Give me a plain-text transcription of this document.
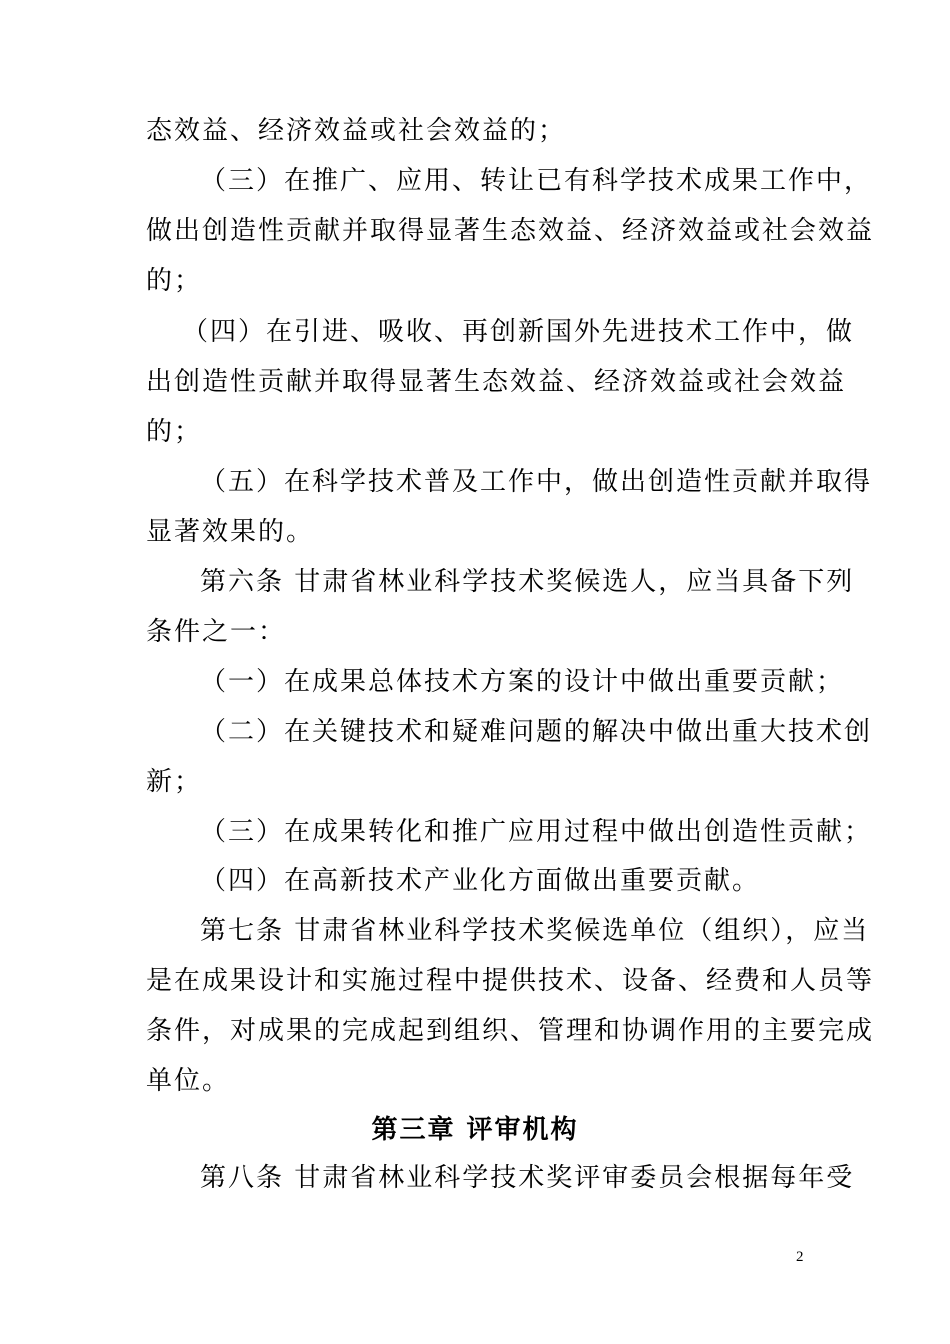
态效益、经济效益或社会效益的；
（三）在推广、应用、转让已有科学技术成果工作中，
做出创造性贡献并取得显著生态效益、经济效益或社会效益
的；
（四）在引进、吸收、再创新国外先进技术工作中，做
出创造性贡献并取得显著生态效益、经济效益或社会效益
的；
（五）在科学技术普及工作中，做出创造性贡献并取得
显著效果的。
第六条 甘肃省林业科学技术奖候选人，应当具备下列
条件之一：
（一）在成果总体技术方案的设计中做出重要贡献；
（二）在关键技术和疑难问题的解决中做出重大技术创
新；
（三）在成果转化和推广应用过程中做出创造性贡献；
（四）在高新技术产业化方面做出重要贡献。
第七条 甘肃省林业科学技术奖候选单位（组织），应当
是在成果设计和实施过程中提供技术、设备、经费和人员等
条件，对成果的完成起到组织、管理和协调作用的主要完成
单位。
第三章 评审机构
第八条 甘肃省林业科学技术奖评审委员会根据每年受
2
